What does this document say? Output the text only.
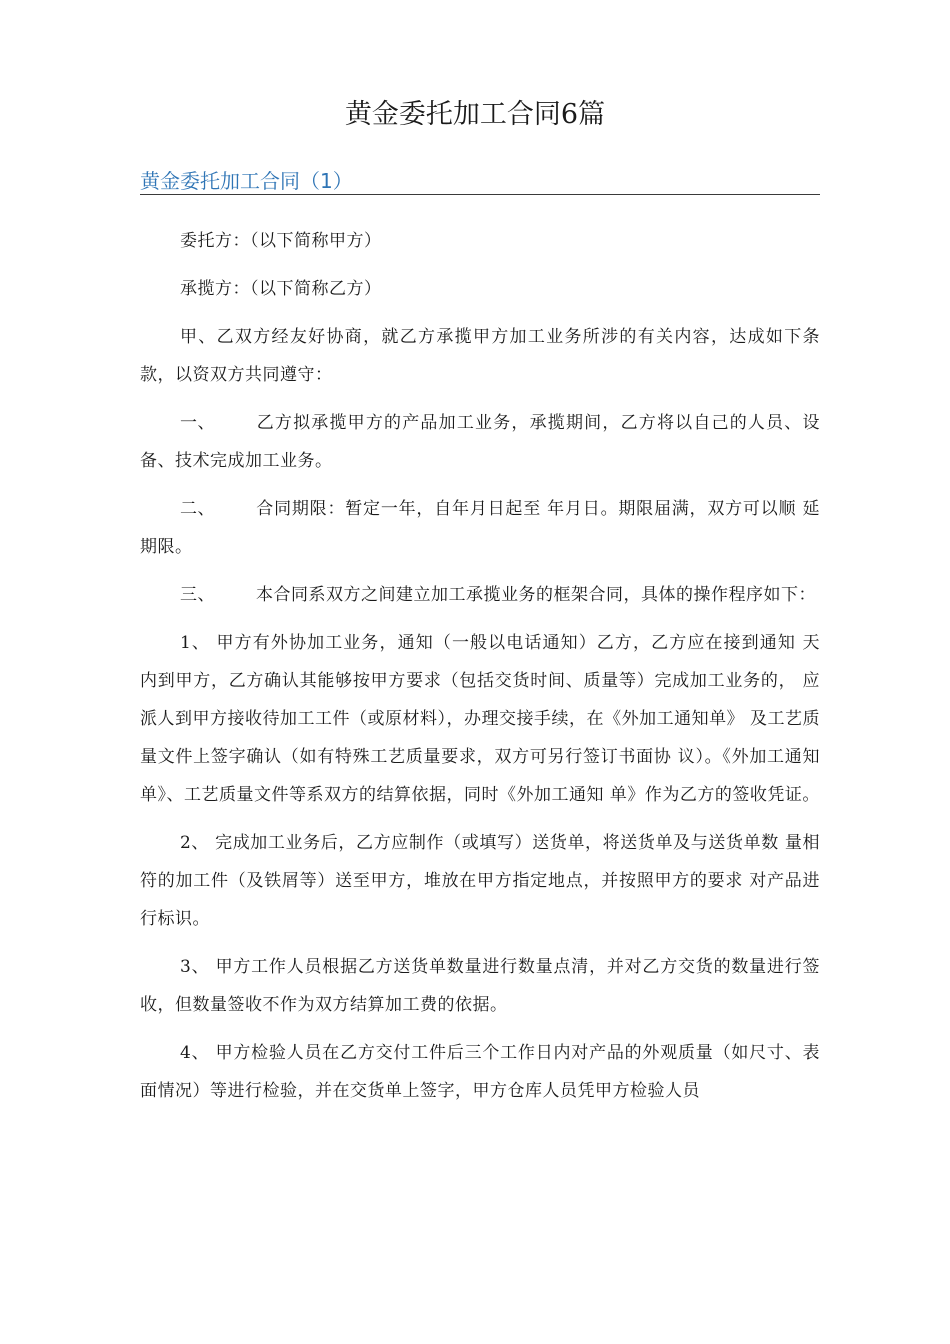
黄金委托加工合同6篇
黄金委托加工合同（1）

委托方：（以下简称甲方）

承揽方：（以下简称乙方）

甲、乙双方经友好协商，就乙方承揽甲方加工业务所涉的有关内容，达成如下条款，以资双方共同遵守：

一、 乙方拟承揽甲方的产品加工业务，承揽期间，乙方将以自己的人员、设 备、技术完成加工业务。

二、 合同期限：暂定一年，自年月日起至 年月日。期限届满，双方可以顺 延期限。

三、 本合同系双方之间建立加工承揽业务的框架合同，具体的操作程序如下：

1、 甲方有外协加工业务，通知（一般以电话通知）乙方，乙方应在接到通知 天 内到甲方，乙方确认其能够按甲方要求（包括交货时间、质量等）完成加工业务的， 应派人到甲方接收待加工工件（或原材料），办理交接手续，在《外加工通知单》 及工艺质量文件上签字确认（如有特殊工艺质量要求，双方可另行签订书面协 议）。《外加工通知单》、工艺质量文件等系双方的结算依据，同时《外加工通知 单》作为乙方的签收凭证。

2、 完成加工业务后，乙方应制作（或填写）送货单，将送货单及与送货单数 量相符的加工件（及铁屑等）送至甲方，堆放在甲方指定地点，并按照甲方的要求 对产品进行标识。

3、 甲方工作人员根据乙方送货单数量进行数量点清，并对乙方交货的数量进行签收，但数量签收不作为双方结算加工费的依据。

4、 甲方检验人员在乙方交付工件后三个工作日内对产品的外观质量（如尺寸、表面情况）等进行检验，并在交货单上签字，甲方仓库人员凭甲方检验人员
